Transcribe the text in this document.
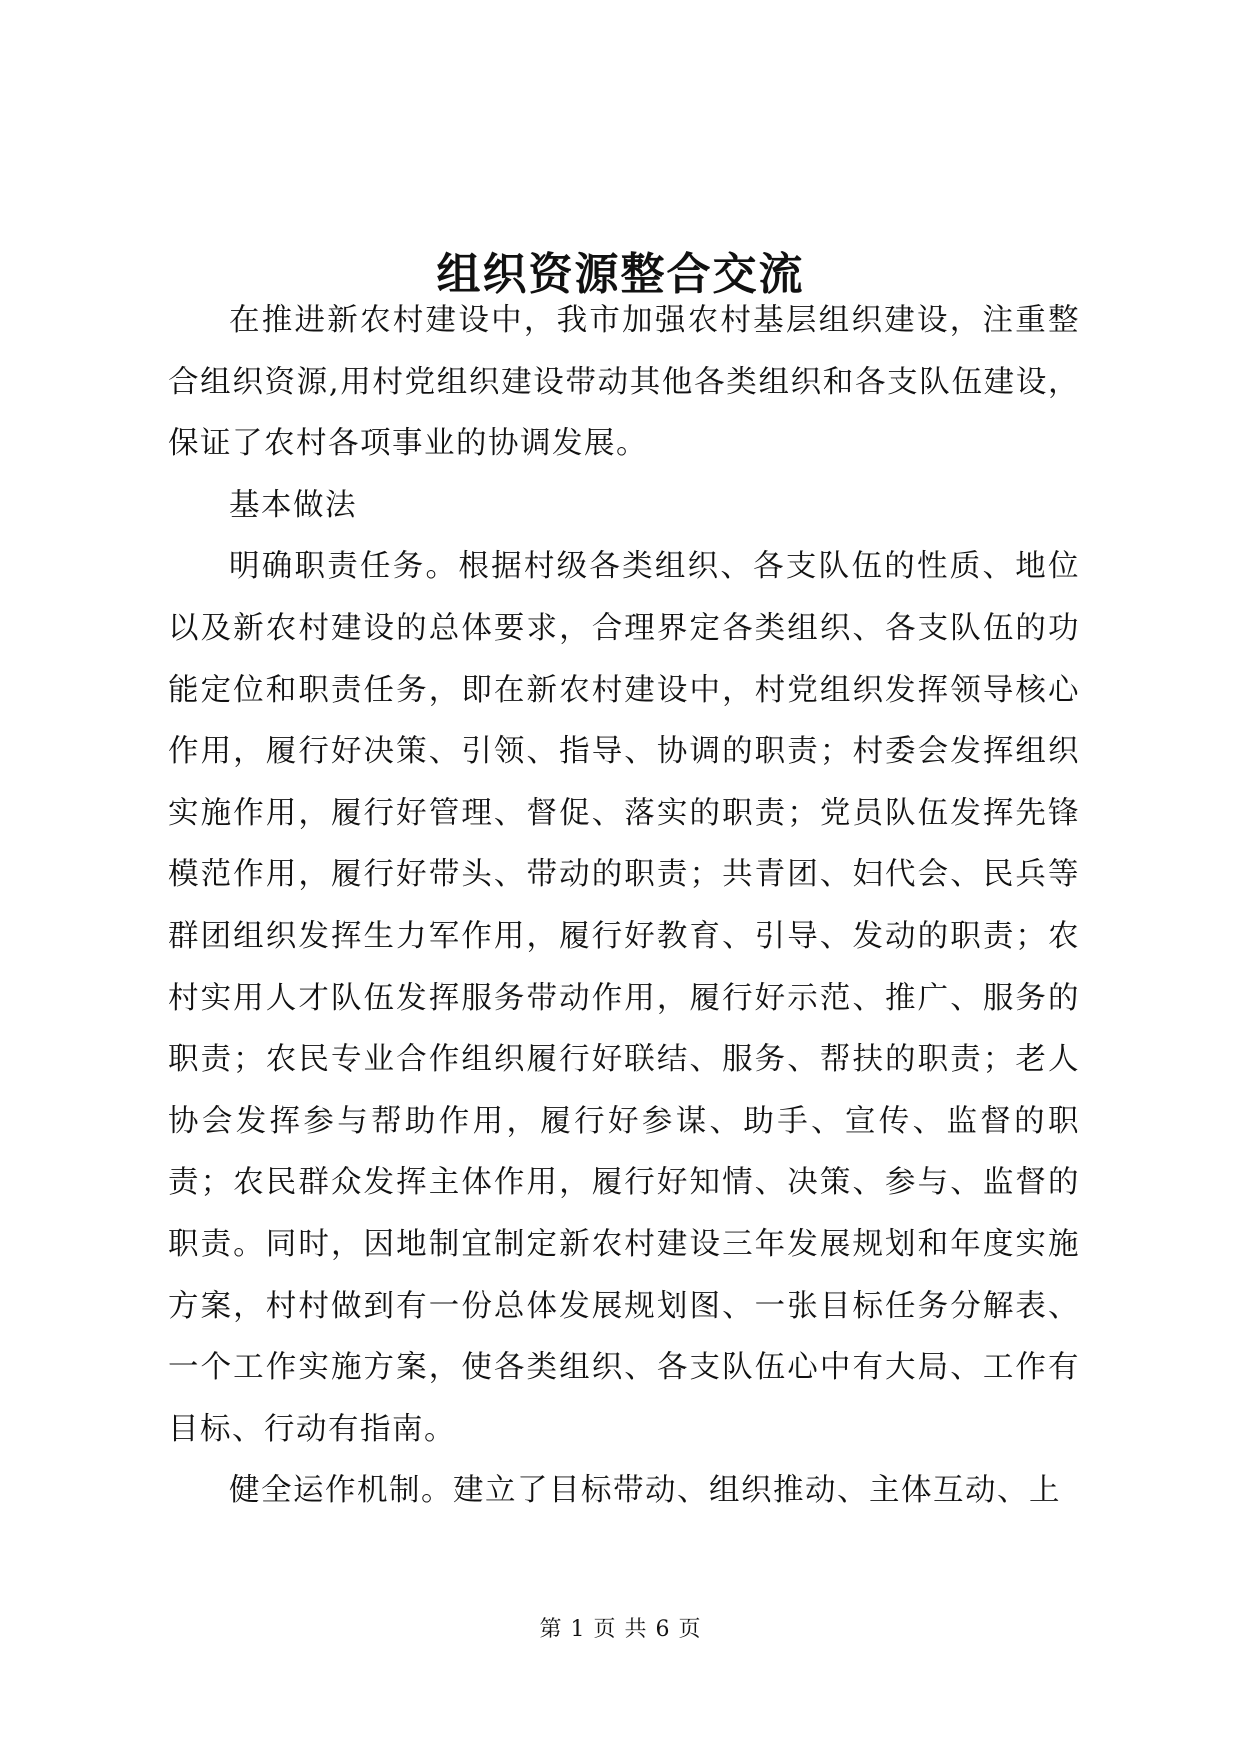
组织资源整合交流

在推进新农村建设中，我市加强农村基层组织建设，注重整合组织资源,用村党组织建设带动其他各类组织和各支队伍建设，保证了农村各项事业的协调发展。

基本做法

明确职责任务。根据村级各类组织、各支队伍的性质、地位以及新农村建设的总体要求，合理界定各类组织、各支队伍的功能定位和职责任务，即在新农村建设中，村党组织发挥领导核心作用，履行好决策、引领、指导、协调的职责；村委会发挥组织实施作用，履行好管理、督促、落实的职责；党员队伍发挥先锋模范作用，履行好带头、带动的职责；共青团、妇代会、民兵等群团组织发挥生力军作用，履行好教育、引导、发动的职责；农村实用人才队伍发挥服务带动作用，履行好示范、推广、服务的职责；农民专业合作组织履行好联结、服务、帮扶的职责；老人协会发挥参与帮助作用，履行好参谋、助手、宣传、监督的职责；农民群众发挥主体作用，履行好知情、决策、参与、监督的职责。同时，因地制宜制定新农村建设三年发展规划和年度实施方案，村村做到有一份总体发展规划图、一张目标任务分解表、一个工作实施方案，使各类组织、各支队伍心中有大局、工作有目标、行动有指南。

健全运作机制。建立了目标带动、组织推动、主体互动、上

第 1 页 共 6 页
